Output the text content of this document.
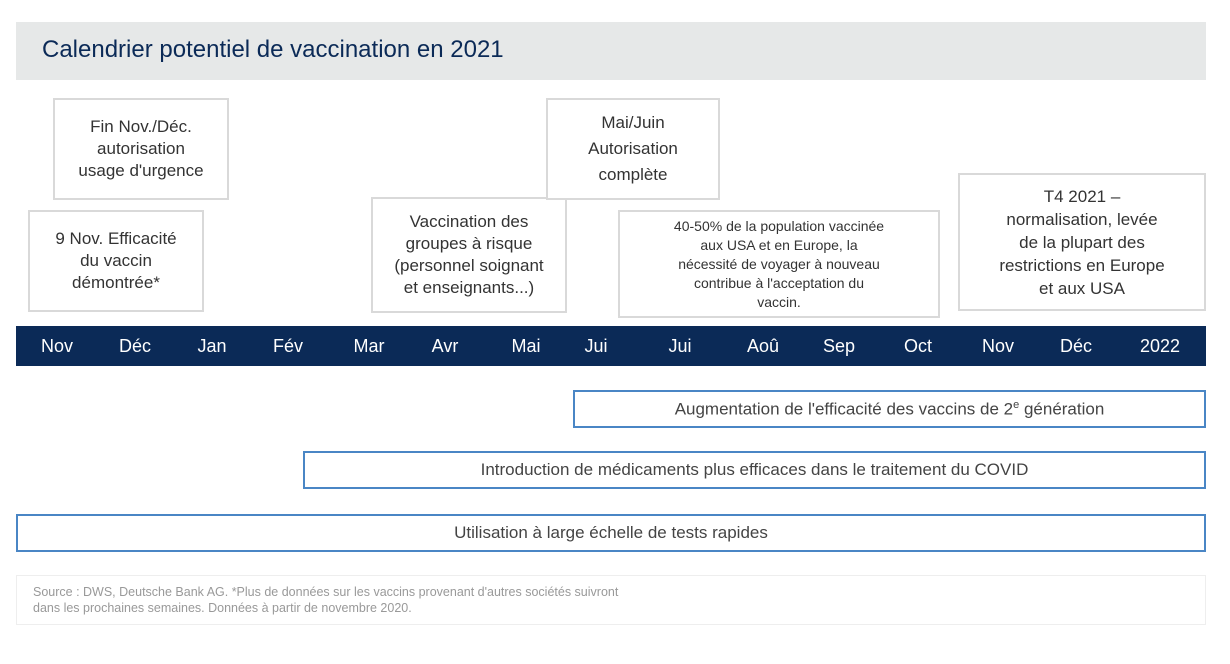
Calendrier potentiel de vaccination en 2021
Fin Nov./Déc.
autorisation
usage d'urgence
9 Nov. Efficacité
du vaccin
démontrée*
Vaccination des
groupes à risque
(personnel soignant
et enseignants...)
Mai/Juin
Autorisation
complète
40-50% de la population vaccinée
aux USA et en Europe, la
nécessité de voyager à nouveau
contribue à l'acceptation du
vaccin.
T4 2021 –
normalisation, levée
de la plupart des
restrictions en Europe
et aux USA
Nov	Déc	Jan	Fév	Mar	Avr	Mai Jui	Jui	Aoû Sep	Oct	Nov	Déc	2022
Augmentation de l'efficacité des vaccins de 2e génération
Introduction de médicaments plus efficaces dans le traitement du COVID
Utilisation à large échelle de tests rapides
Source : DWS, Deutsche Bank AG. *Plus de données sur les vaccins provenant d'autres sociétés suivront
dans les prochaines semaines. Données à partir de novembre 2020.
